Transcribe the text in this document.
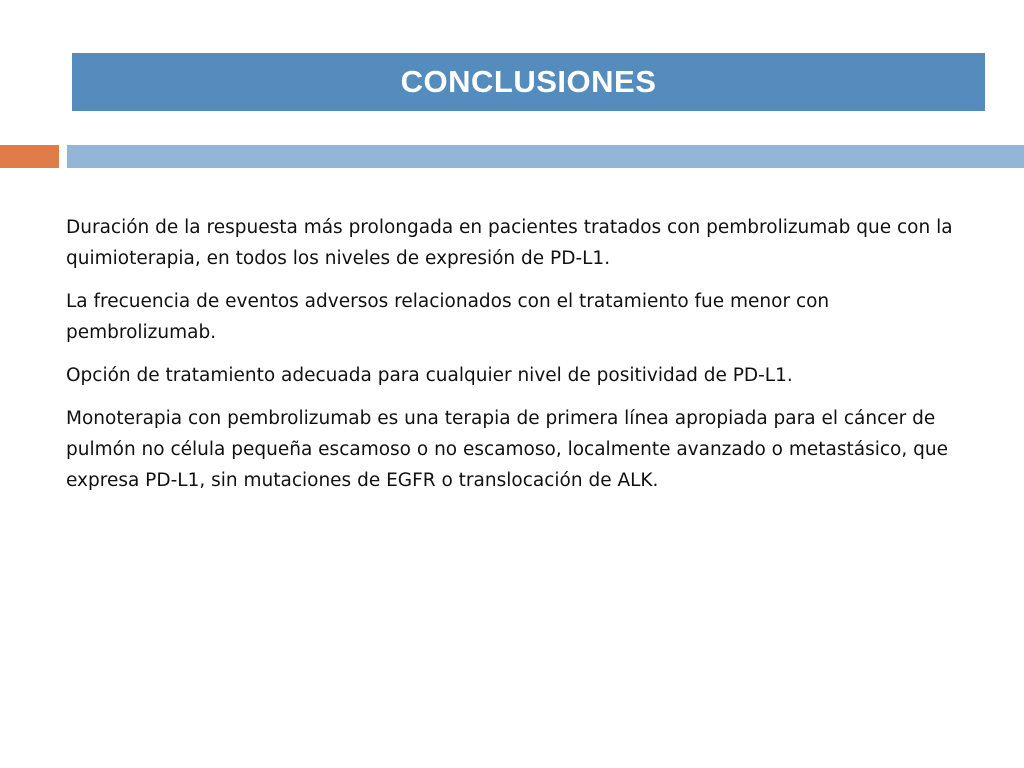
CONCLUSIONES

Duración de la respuesta más prolongada en pacientes tratados con pembrolizumab que con la quimioterapia, en todos los niveles de expresión de PD-L1.

La frecuencia de eventos adversos relacionados con el tratamiento fue menor con pembrolizumab.

Opción de tratamiento adecuada para cualquier nivel de positividad de PD-L1.

Monoterapia con pembrolizumab es una terapia de primera línea apropiada para el cáncer de pulmón no célula pequeña escamoso o no escamoso, localmente avanzado o metastásico, que expresa PD-L1, sin mutaciones de EGFR o translocación de ALK.
